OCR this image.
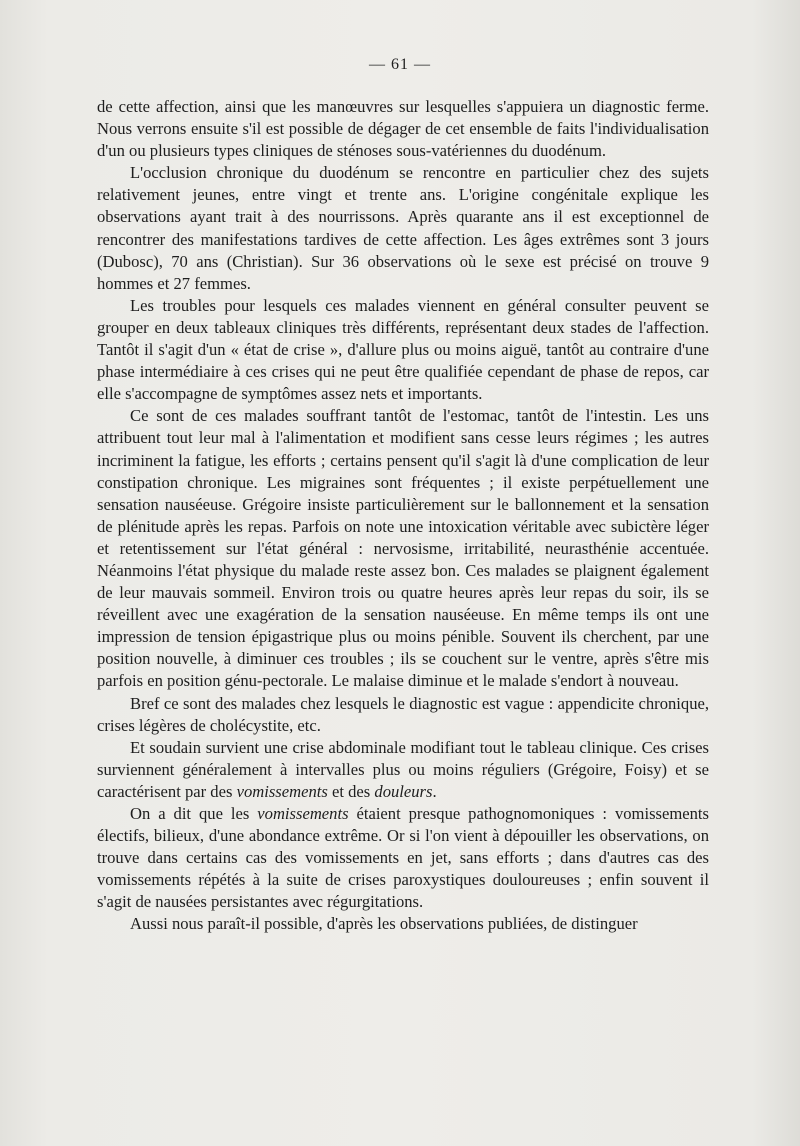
— 61 —

de cette affection, ainsi que les manœuvres sur lesquelles s'appuiera un diagnostic ferme. Nous verrons ensuite s'il est possible de dégager de cet ensemble de faits l'individualisation d'un ou plusieurs types cliniques de sténoses sous-vatériennes du duodénum.

L'occlusion chronique du duodénum se rencontre en particulier chez des sujets relativement jeunes, entre vingt et trente ans. L'origine congénitale explique les observations ayant trait à des nourrissons. Après quarante ans il est exceptionnel de rencontrer des manifestations tardives de cette affection. Les âges extrêmes sont 3 jours (Dubosc), 70 ans (Christian). Sur 36 observations où le sexe est précisé on trouve 9 hommes et 27 femmes.

Les troubles pour lesquels ces malades viennent en général consulter peuvent se grouper en deux tableaux cliniques très différents, représentant deux stades de l'affection. Tantôt il s'agit d'un « état de crise », d'allure plus ou moins aiguë, tantôt au contraire d'une phase intermédiaire à ces crises qui ne peut être qualifiée cependant de phase de repos, car elle s'accompagne de symptômes assez nets et importants.

Ce sont de ces malades souffrant tantôt de l'estomac, tantôt de l'intestin. Les uns attribuent tout leur mal à l'alimentation et modifient sans cesse leurs régimes ; les autres incriminent la fatigue, les efforts ; certains pensent qu'il s'agit là d'une complication de leur constipation chronique. Les migraines sont fréquentes ; il existe perpétuellement une sensation nauséeuse. Grégoire insiste particulièrement sur le ballonnement et la sensation de plénitude après les repas. Parfois on note une intoxication véritable avec subictère léger et retentissement sur l'état général : nervosisme, irritabilité, neurasthénie accentuée. Néanmoins l'état physique du malade reste assez bon. Ces malades se plaignent également de leur mauvais sommeil. Environ trois ou quatre heures après leur repas du soir, ils se réveillent avec une exagération de la sensation nauséeuse. En même temps ils ont une impression de tension épigastrique plus ou moins pénible. Souvent ils cherchent, par une position nouvelle, à diminuer ces troubles ; ils se couchent sur le ventre, après s'être mis parfois en position génu-pectorale. Le malaise diminue et le malade s'endort à nouveau.

Bref ce sont des malades chez lesquels le diagnostic est vague : appendicite chronique, crises légères de cholécystite, etc.

Et soudain survient une crise abdominale modifiant tout le tableau clinique. Ces crises surviennent généralement à intervalles plus ou moins réguliers (Grégoire, Foisy) et se caractérisent par des vomissements et des douleurs.

On a dit que les vomissements étaient presque pathognomoniques : vomissements électifs, bilieux, d'une abondance extrême. Or si l'on vient à dépouiller les observations, on trouve dans certains cas des vomissements en jet, sans efforts ; dans d'autres cas des vomissements répétés à la suite de crises paroxystiques douloureuses ; enfin souvent il s'agit de nausées persistantes avec régurgitations.

Aussi nous paraît-il possible, d'après les observations publiées, de distinguer
